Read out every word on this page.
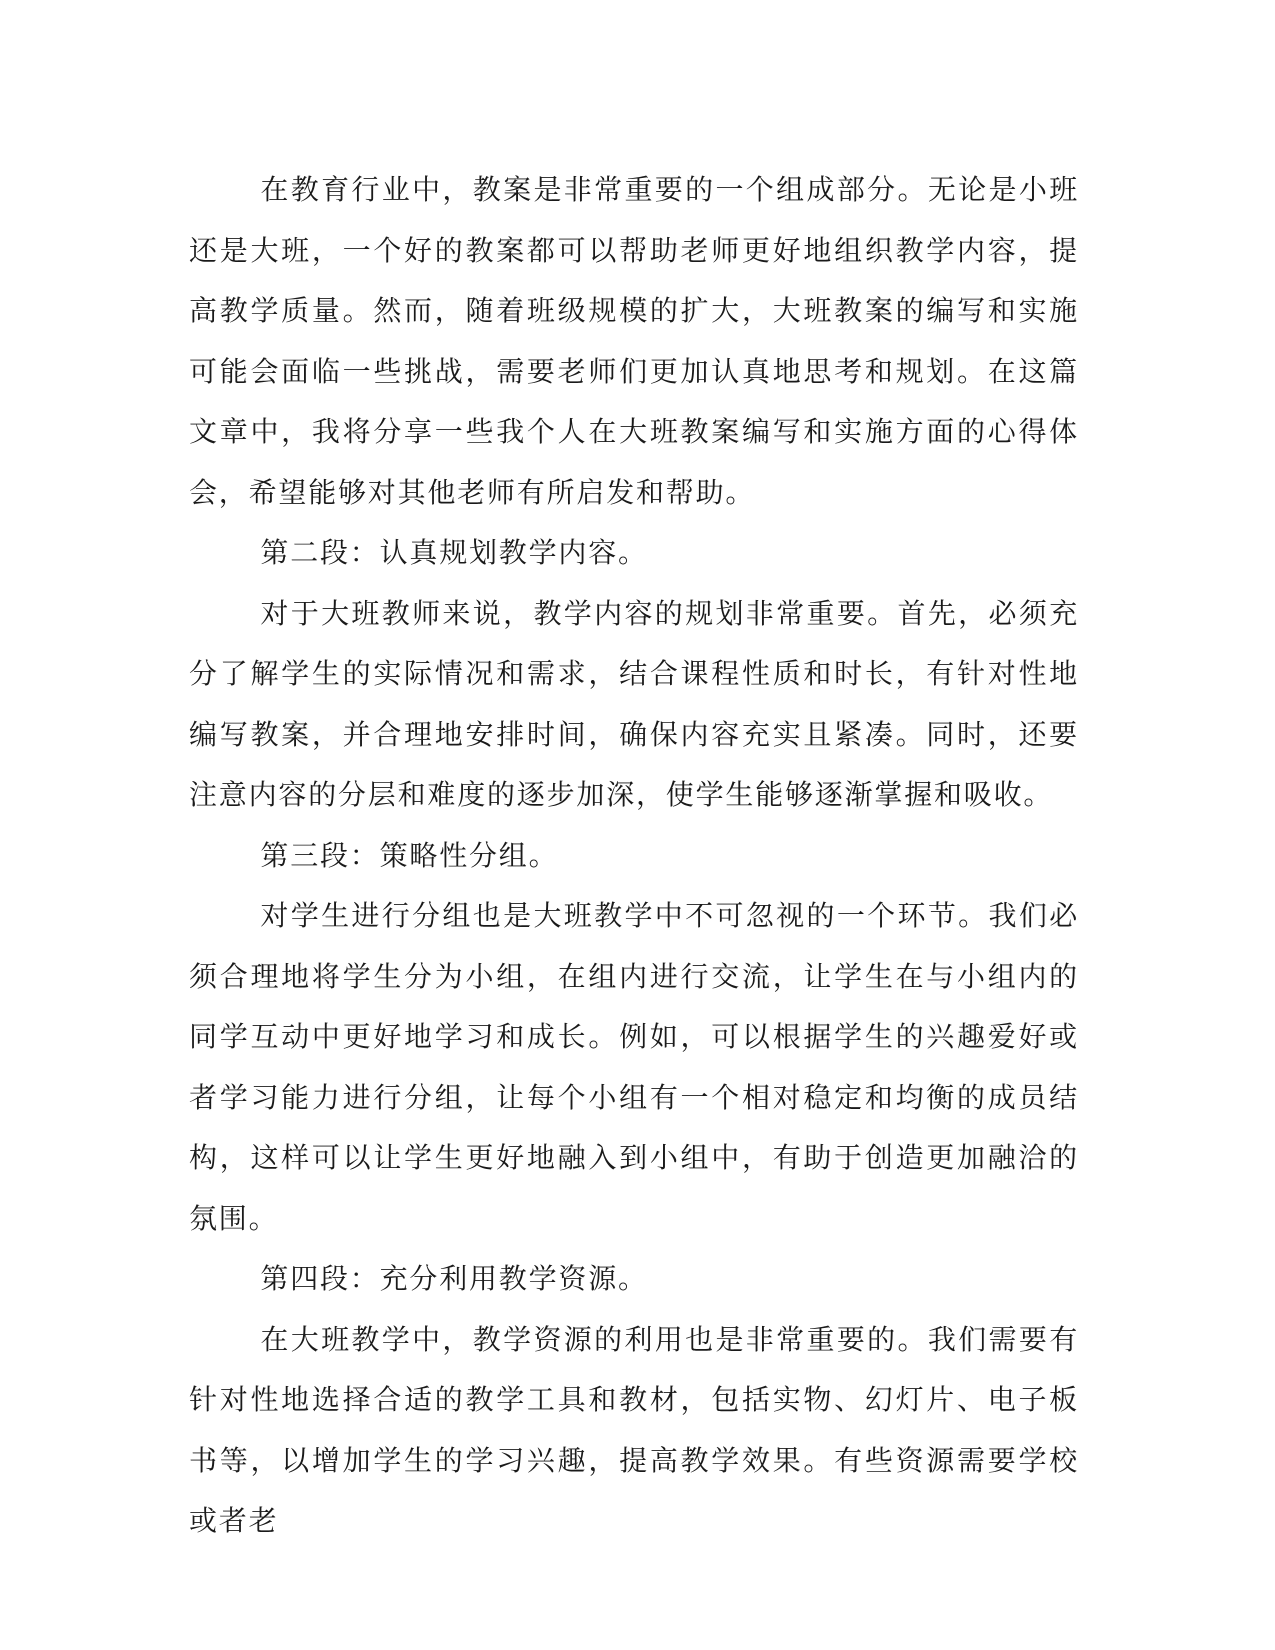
在教育行业中，教案是非常重要的一个组成部分。无论是小班还是大班，一个好的教案都可以帮助老师更好地组织教学内容，提高教学质量。然而，随着班级规模的扩大，大班教案的编写和实施可能会面临一些挑战，需要老师们更加认真地思考和规划。在这篇文章中，我将分享一些我个人在大班教案编写和实施方面的心得体会，希望能够对其他老师有所启发和帮助。

第二段：认真规划教学内容。

对于大班教师来说，教学内容的规划非常重要。首先，必须充分了解学生的实际情况和需求，结合课程性质和时长，有针对性地编写教案，并合理地安排时间，确保内容充实且紧凑。同时，还要注意内容的分层和难度的逐步加深，使学生能够逐渐掌握和吸收。

第三段：策略性分组。

对学生进行分组也是大班教学中不可忽视的一个环节。我们必须合理地将学生分为小组，在组内进行交流，让学生在与小组内的同学互动中更好地学习和成长。例如，可以根据学生的兴趣爱好或者学习能力进行分组，让每个小组有一个相对稳定和均衡的成员结构，这样可以让学生更好地融入到小组中，有助于创造更加融洽的氛围。

第四段：充分利用教学资源。

在大班教学中，教学资源的利用也是非常重要的。我们需要有针对性地选择合适的教学工具和教材，包括实物、幻灯片、电子板书等，以增加学生的学习兴趣，提高教学效果。有些资源需要学校或者老
